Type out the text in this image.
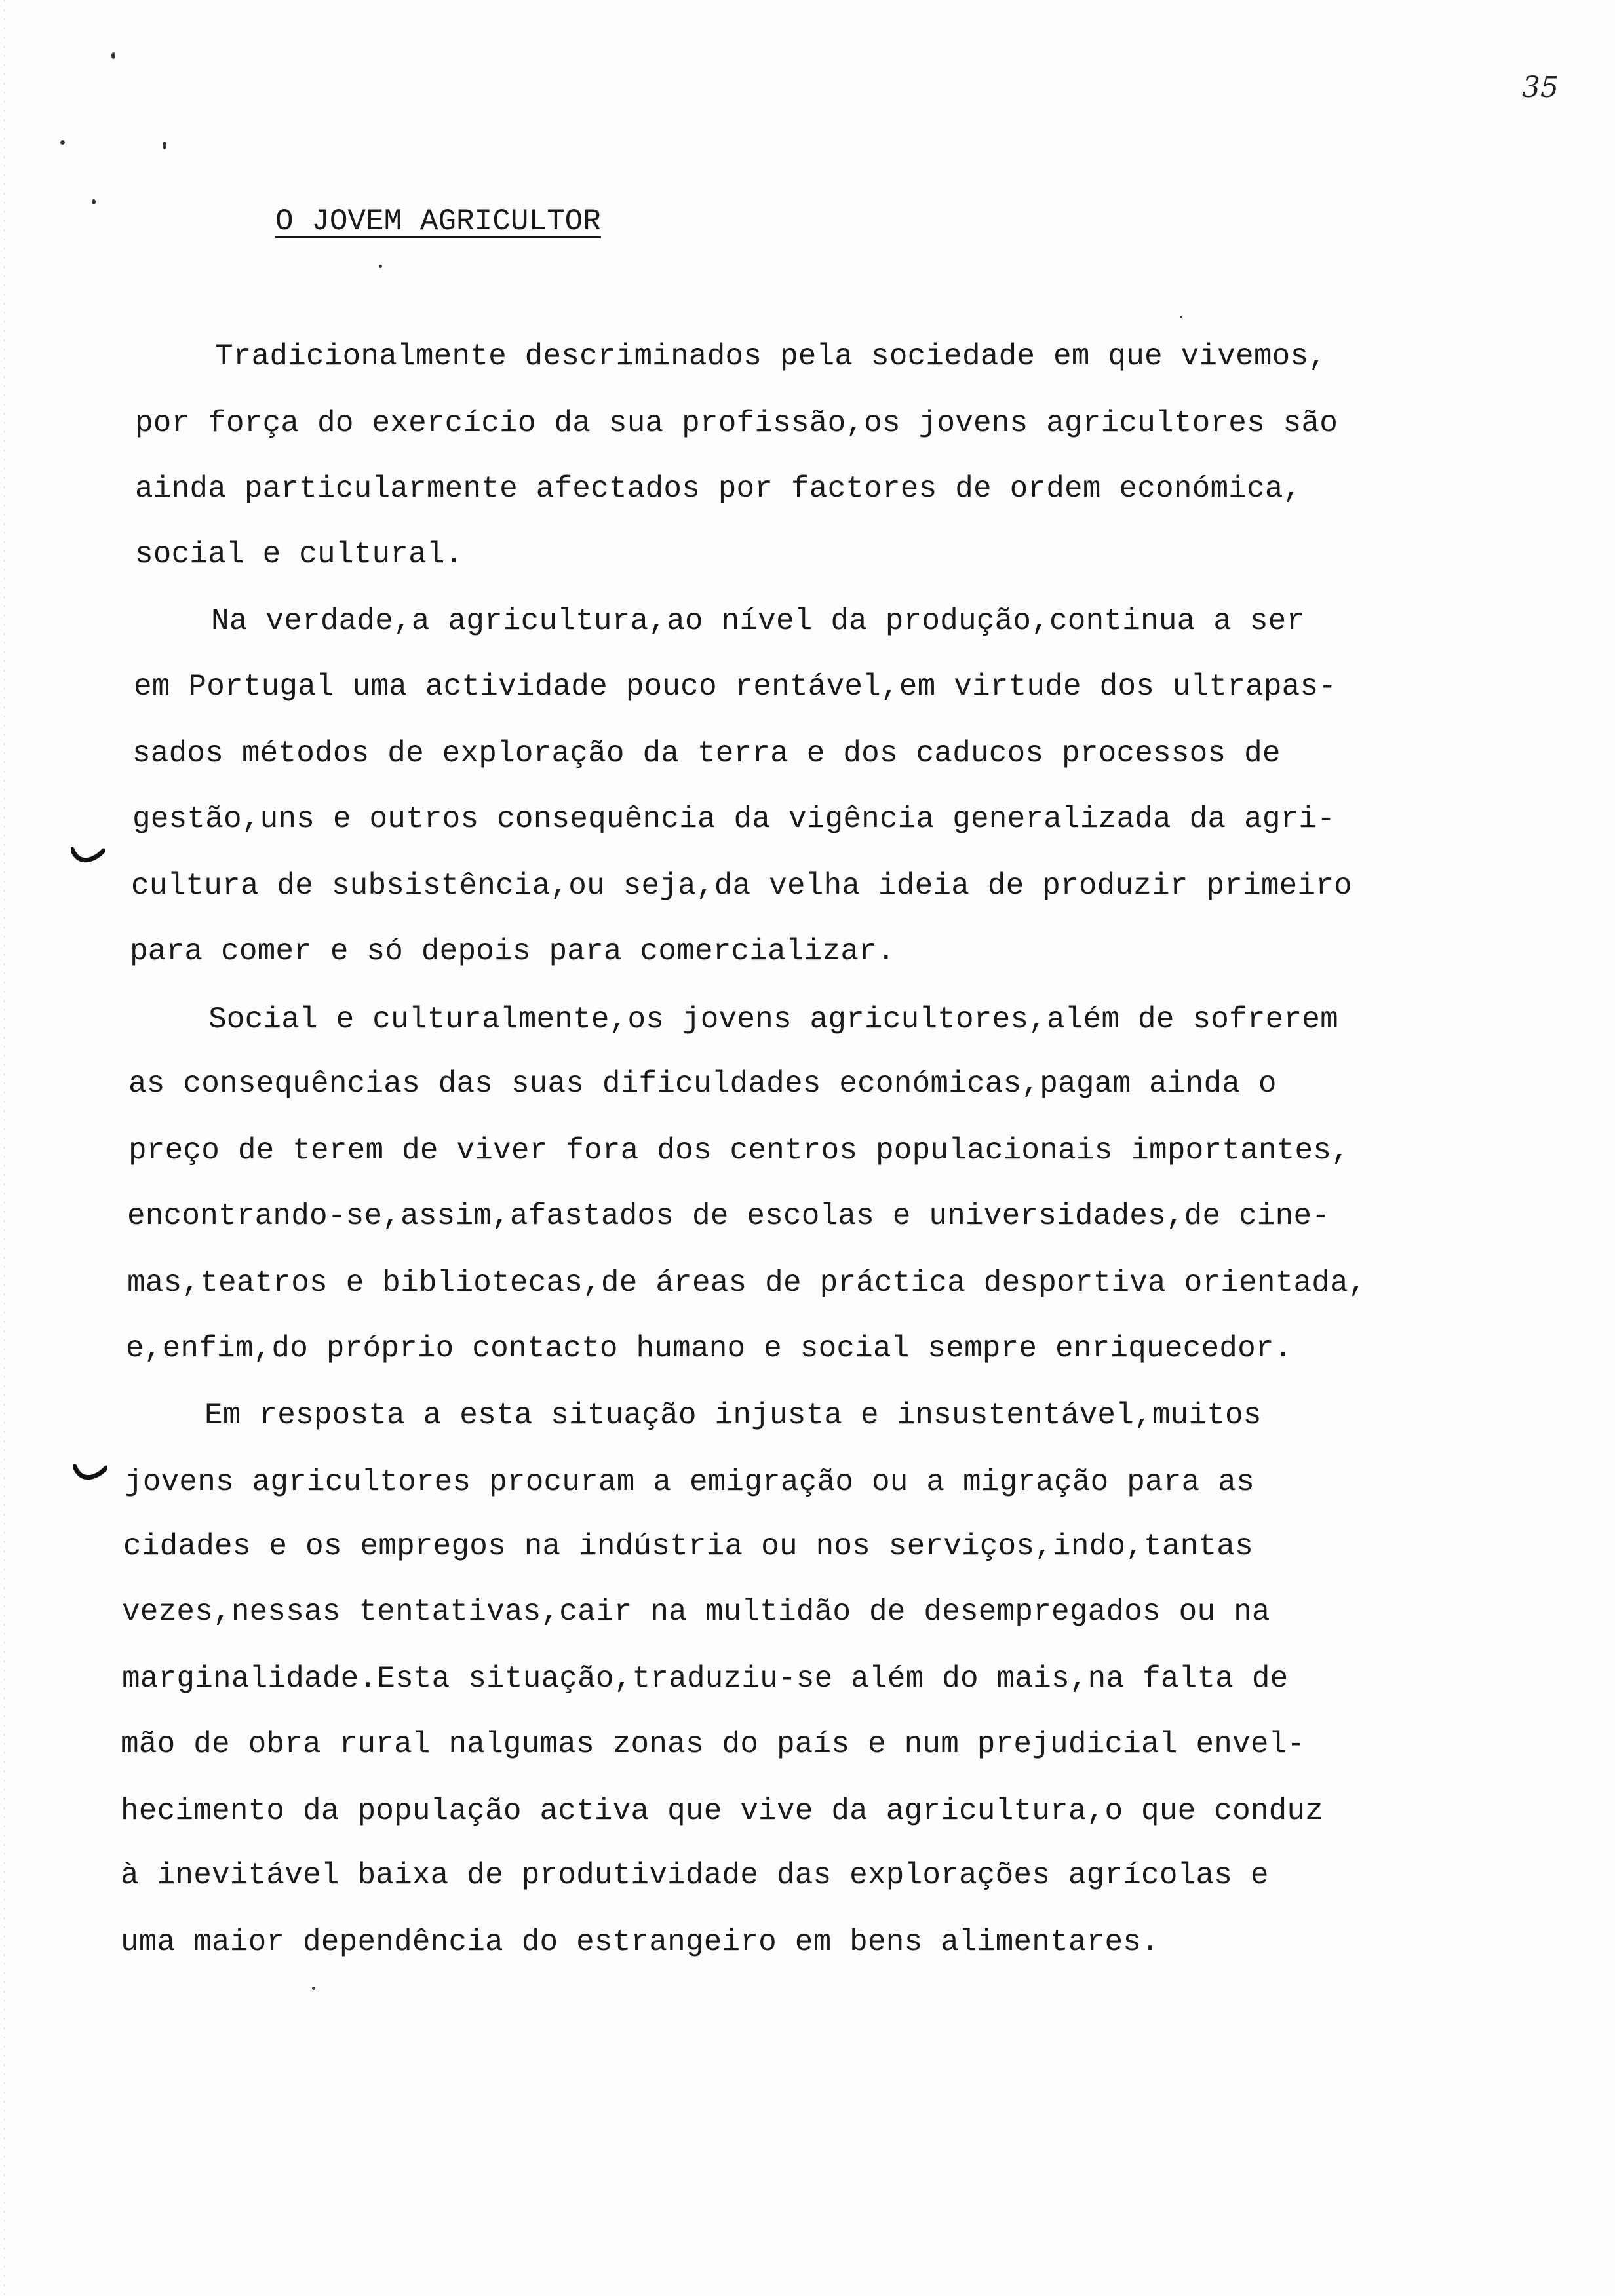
35
O JOVEM AGRICULTOR
Tradicionalmente descriminados pela sociedade em que vivemos,
por força do exercício da sua profissão,os jovens agricultores são
ainda particularmente afectados por factores de ordem económica,
social e cultural.
Na verdade,a agricultura,ao nível da produção,continua a ser
em Portugal uma actividade pouco rentável,em virtude dos ultrapas-
sados métodos de exploração da terra e dos caducos processos de
gestão,uns e outros consequência da vigência generalizada da agri-
cultura de subsistência,ou seja,da velha ideia de produzir primeiro
para comer e só depois para comercializar.
Social e culturalmente,os jovens agricultores,além de sofrerem
as consequências das suas dificuldades económicas,pagam ainda o
preço de terem de viver fora dos centros populacionais importantes,
encontrando-se,assim,afastados de escolas e universidades,de cine-
mas,teatros e bibliotecas,de áreas de práctica desportiva orientada,
e,enfim,do próprio contacto humano e social sempre enriquecedor.
Em resposta a esta situação injusta e insustentável,muitos
jovens agricultores procuram a emigração ou a migração para as
cidades e os empregos na indústria ou nos serviços,indo,tantas
vezes,nessas tentativas,cair na multidão de desempregados ou na
marginalidade.Esta situação,traduziu-se além do mais,na falta de
mão de obra rural nalgumas zonas do país e num prejudicial envel-
hecimento da população activa que vive da agricultura,o que conduz
à inevitável baixa de produtividade das explorações agrícolas e
uma maior dependência do estrangeiro em bens alimentares.
